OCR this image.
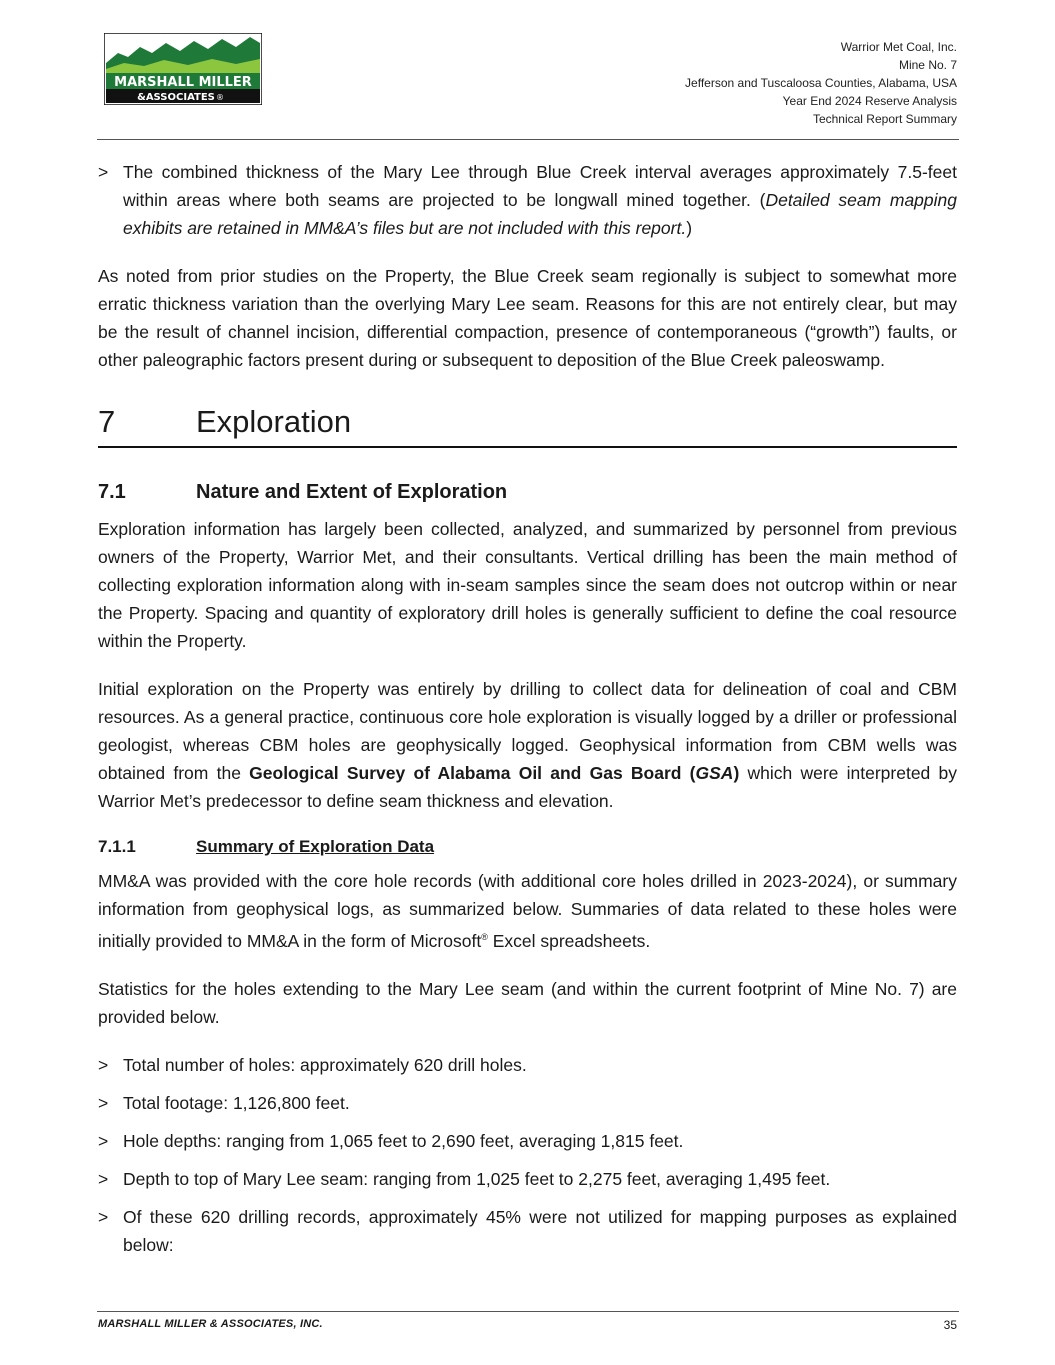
MARSHALL MILLER
&ASSOCIATES ®
Warrior Met Coal, Inc.
Mine No. 7
Jefferson and Tuscaloosa Counties, Alabama, USA
Year End 2024 Reserve Analysis
Technical Report Summary
> The combined thickness of the Mary Lee through Blue Creek interval averages approximately 7.5-feet within areas where both seams are projected to be longwall mined together. (Detailed seam mapping exhibits are retained in MM&A’s files but are not included with this report.)

As noted from prior studies on the Property, the Blue Creek seam regionally is subject to somewhat more erratic thickness variation than the overlying Mary Lee seam. Reasons for this are not entirely clear, but may be the result of channel incision, differential compaction, presence of contemporaneous (“growth”) faults, or other paleographic factors present during or subsequent to deposition of the Blue Creek paleoswamp.

7	Exploration
7.1	Nature and Extent of Exploration

Exploration information has largely been collected, analyzed, and summarized by personnel from previous owners of the Property, Warrior Met, and their consultants. Vertical drilling has been the main method of collecting exploration information along with in-seam samples since the seam does not outcrop within or near the Property. Spacing and quantity of exploratory drill holes is generally sufficient to define the coal resource within the Property.

Initial exploration on the Property was entirely by drilling to collect data for delineation of coal and CBM resources. As a general practice, continuous core hole exploration is visually logged by a driller or professional geologist, whereas CBM holes are geophysically logged. Geophysical information from CBM wells was obtained from the Geological Survey of Alabama Oil and Gas Board (GSA) which were interpreted by Warrior Met’s predecessor to define seam thickness and elevation.

7.1.1	Summary of Exploration Data

MM&A was provided with the core hole records (with additional core holes drilled in 2023-2024), or summary information from geophysical logs, as summarized below. Summaries of data related to these holes were initially provided to MM&A in the form of Microsoft® Excel spreadsheets.

Statistics for the holes extending to the Mary Lee seam (and within the current footprint of Mine No. 7) are provided below.

> Total number of holes: approximately 620 drill holes.
> Total footage: 1,126,800 feet.
> Hole depths: ranging from 1,065 feet to 2,690 feet, averaging 1,815 feet.
> Depth to top of Mary Lee seam: ranging from 1,025 feet to 2,275 feet, averaging 1,495 feet.
> Of these 620 drilling records, approximately 45% were not utilized for mapping purposes as explained below:
MARSHALL MILLER & ASSOCIATES, INC.	35
